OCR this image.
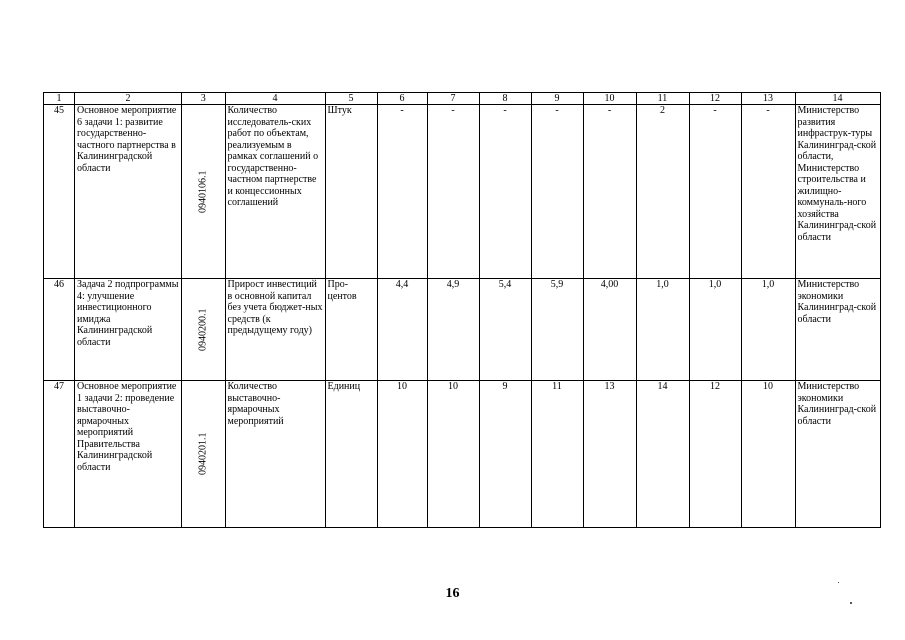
1	2	3	4	5	6	7	8	9	10	11	12	13	14
45	Основное мероприятие 6 задачи 1: развитие государственно-частного партнерства в Калининградской области	0940106.1	Количество исследователь-ских работ по объектам, реализуемым в рамках соглашений о государственно-частном партнерстве и концессионных соглашений	Штук	-	-	-	-	-	2	-	-	Министерство развития инфраструк-туры Калининград-ской области, Министерство строительства и жилищно-коммуналь-ного хозяйства Калининград-ской области
46	Задача 2 подпрограммы 4: улучшение инвестиционного имиджа Калининградской области	0940200.1	Прирост инвестиций в основной капитал без учета бюджет-ных средств (к предыдущему году)	Про-центов	4,4	4,9	5,4	5,9	4,00	1,0	1,0	1,0	Министерство экономики Калининград-ской области
47	Основное мероприятие 1 задачи 2: проведение выставочно-ярмарочных мероприятий Правительства Калининградской области	0940201.1	Количество выставочно-ярмарочных мероприятий	Единиц	10	10	9	11	13	14	12	10	Министерство экономики Калининград-ской области
16
